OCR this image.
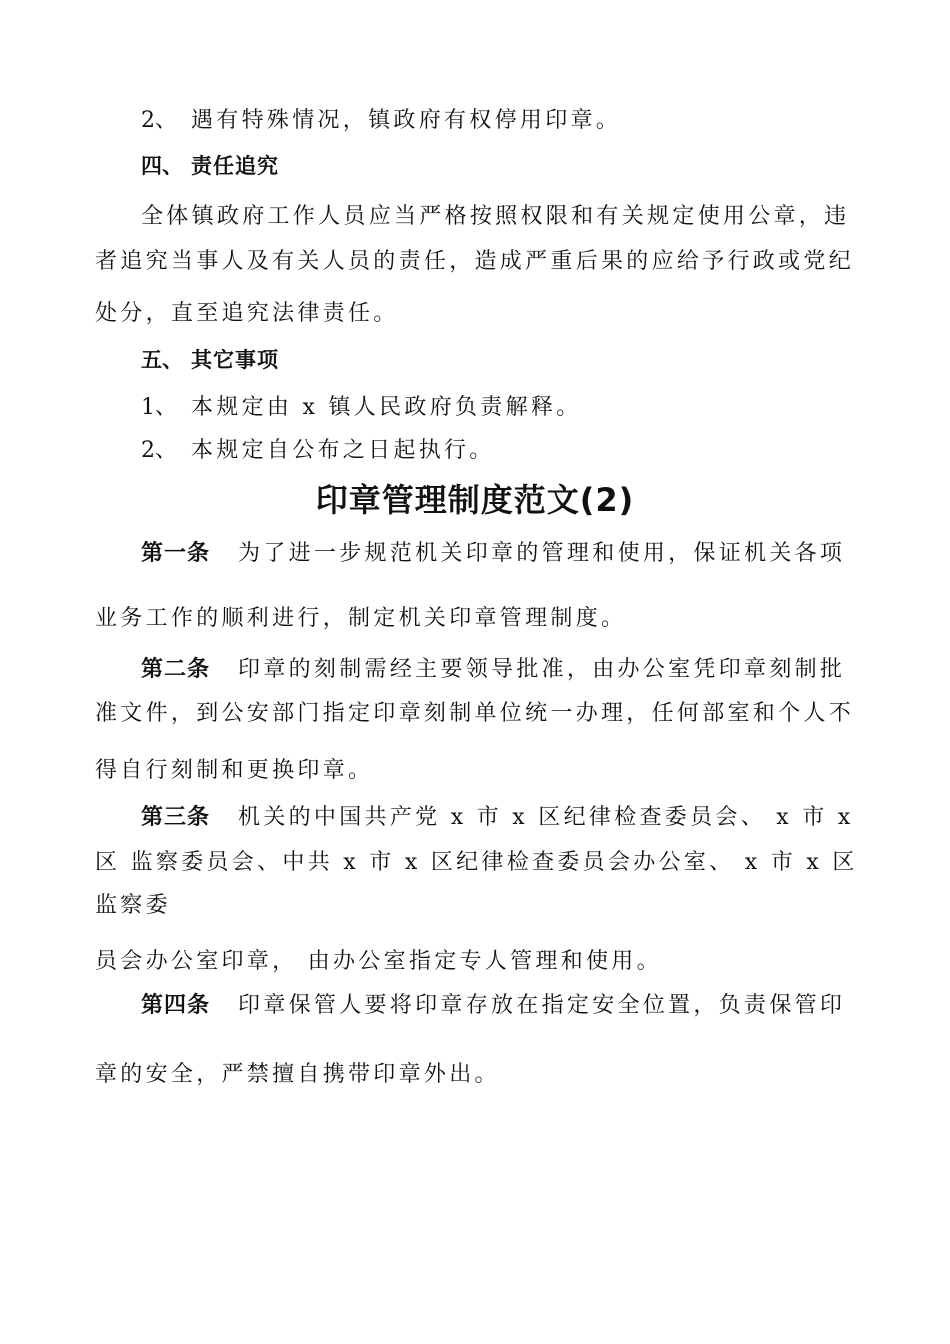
2、 遇有特殊情况，镇政府有权停用印章。
四、 责任追究
全体镇政府工作人员应当严格按照权限和有关规定使用公章，违
者追究当事人及有关人员的责任，造成严重后果的应给予行政或党纪
处分，直至追究法律责任。
五、 其它事项
1、 本规定由 x 镇人民政府负责解释。
2、 本规定自公布之日起执行。
印章管理制度范文(2)
第一条 为了进一步规范机关印章的管理和使用，保证机关各项
业务工作的顺利进行，制定机关印章管理制度。
第二条 印章的刻制需经主要领导批准，由办公室凭印章刻制批
准文件，到公安部门指定印章刻制单位统一办理，任何部室和个人不
得自行刻制和更换印章。
第三条 机关的中国共产党 x 市 x 区纪律检查委员会、 x 市 x
区 监察委员会、中共 x 市 x 区纪律检查委员会办公室、 x 市 x 区
监察委
员会办公室印章， 由办公室指定专人管理和使用。
第四条 印章保管人要将印章存放在指定安全位置，负责保管印
章的安全，严禁擅自携带印章外出。
